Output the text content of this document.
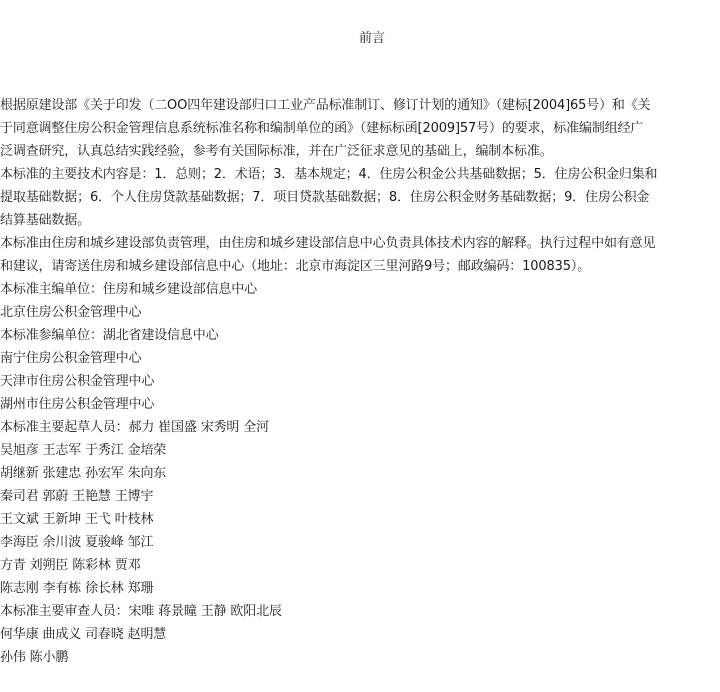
前言
根据原建设部《关于印发（二OO四年建设部归口工业产品标准制订、修订计划的通知》（建标[2004]65号）和《关
于同意调整住房公积金管理信息系统标准名称和编制单位的函》（建标标函[2009]57号）的要求，标准编制组经广
泛调查研究，认真总结实践经验，参考有关国际标准，并在广泛征求意见的基础上，编制本标准。
本标准的主要技术内容是：1．总则；2．术语；3．基本规定；4．住房公积金公共基础数据；5．住房公积金归集和
提取基础数据；6．个人住房贷款基础数据；7．项目贷款基础数据；8．住房公积金财务基础数据；9．住房公积金
结算基础数据。
本标准由住房和城乡建设部负责管理，由住房和城乡建设部信息中心负责具体技术内容的解释。执行过程中如有意见
和建议，请寄送住房和城乡建设部信息中心（地址：北京市海淀区三里河路9号；邮政编码：100835）。
本标准主编单位：住房和城乡建设部信息中心
北京住房公积金管理中心
本标准参编单位：湖北省建设信息中心
南宁住房公积金管理中心
天津市住房公积金管理中心
湖州市住房公积金管理中心
本标准主要起草人员：郝力 崔国盛 宋秀明 全河
吴旭彦 王志军 于秀江 金培荣
胡继新 张建忠 孙宏军 朱向东
秦司君 郭蔚 王艳慧 王博宇
王文斌 王新坤 王弋 叶枝林
李海臣 余川波 夏骏峰 邹江
方青 刘朔臣 陈彩林 贾邓
陈志刚 李有栋 徐长林 郑珊
本标准主要审查人员：宋唯 蒋景瞳 王静 欧阳北辰
何华康 曲成义 司春晓 赵明慧
孙伟 陈小鹏
